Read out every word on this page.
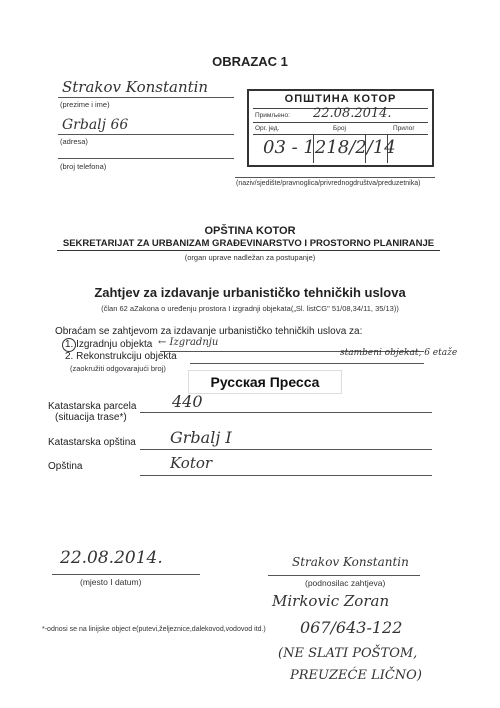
OBRAZAC 1
Strakov Konstantin
(prezime i ime)
Grbalj 66
(adresa)
(broj telefona)
(naziv/sjedište/pravnoglica/privrednogdruštva/preduzetnika)
ОПШТИНА КОТОР
Примљено: 22.08.2014.
Орг. јед.	Број	Прилог
03 - 1218/2/14
OPŠTINA KOTOR
SEKRETARIJAT ZA URBANIZAM GRAĐEVINARSTVO I PROSTORNO PLANIRANJE
(organ uprave nadležan za postupanje)
Zahtjev za izdavanje urbanističko tehničkih uslova
(član 62 aZakona o uređenju prostora I izgradnji objekata(„Sl. listCG" 51/08,34/11, 35/13))
Obraćam se zahtjevom za izdavanje urbanističko tehničkih uslova za:
1. Izgradnju objekta ← Izgradnju
2. Rekonstrukciju objekta	stambeni objekat, 6 etaže
(zaokružiti odgovarajući broj)
Русская Пресса
Katastarska parcela
(situacija trase*)
440
Katastarska opština Grbalj I
Opština	Kotor
22.08.2014.
(mjesto I datum)
Strakov Konstantin
(podnosilac zahtjeva)
*-odnosi se na linijske object e(putevi,željeznice,dalekovod,vodovod itd.)
Mirkovic Zoran
067/643-122
(NE SLATI POŠTOM,
PREUZEĆE LIČNO)
